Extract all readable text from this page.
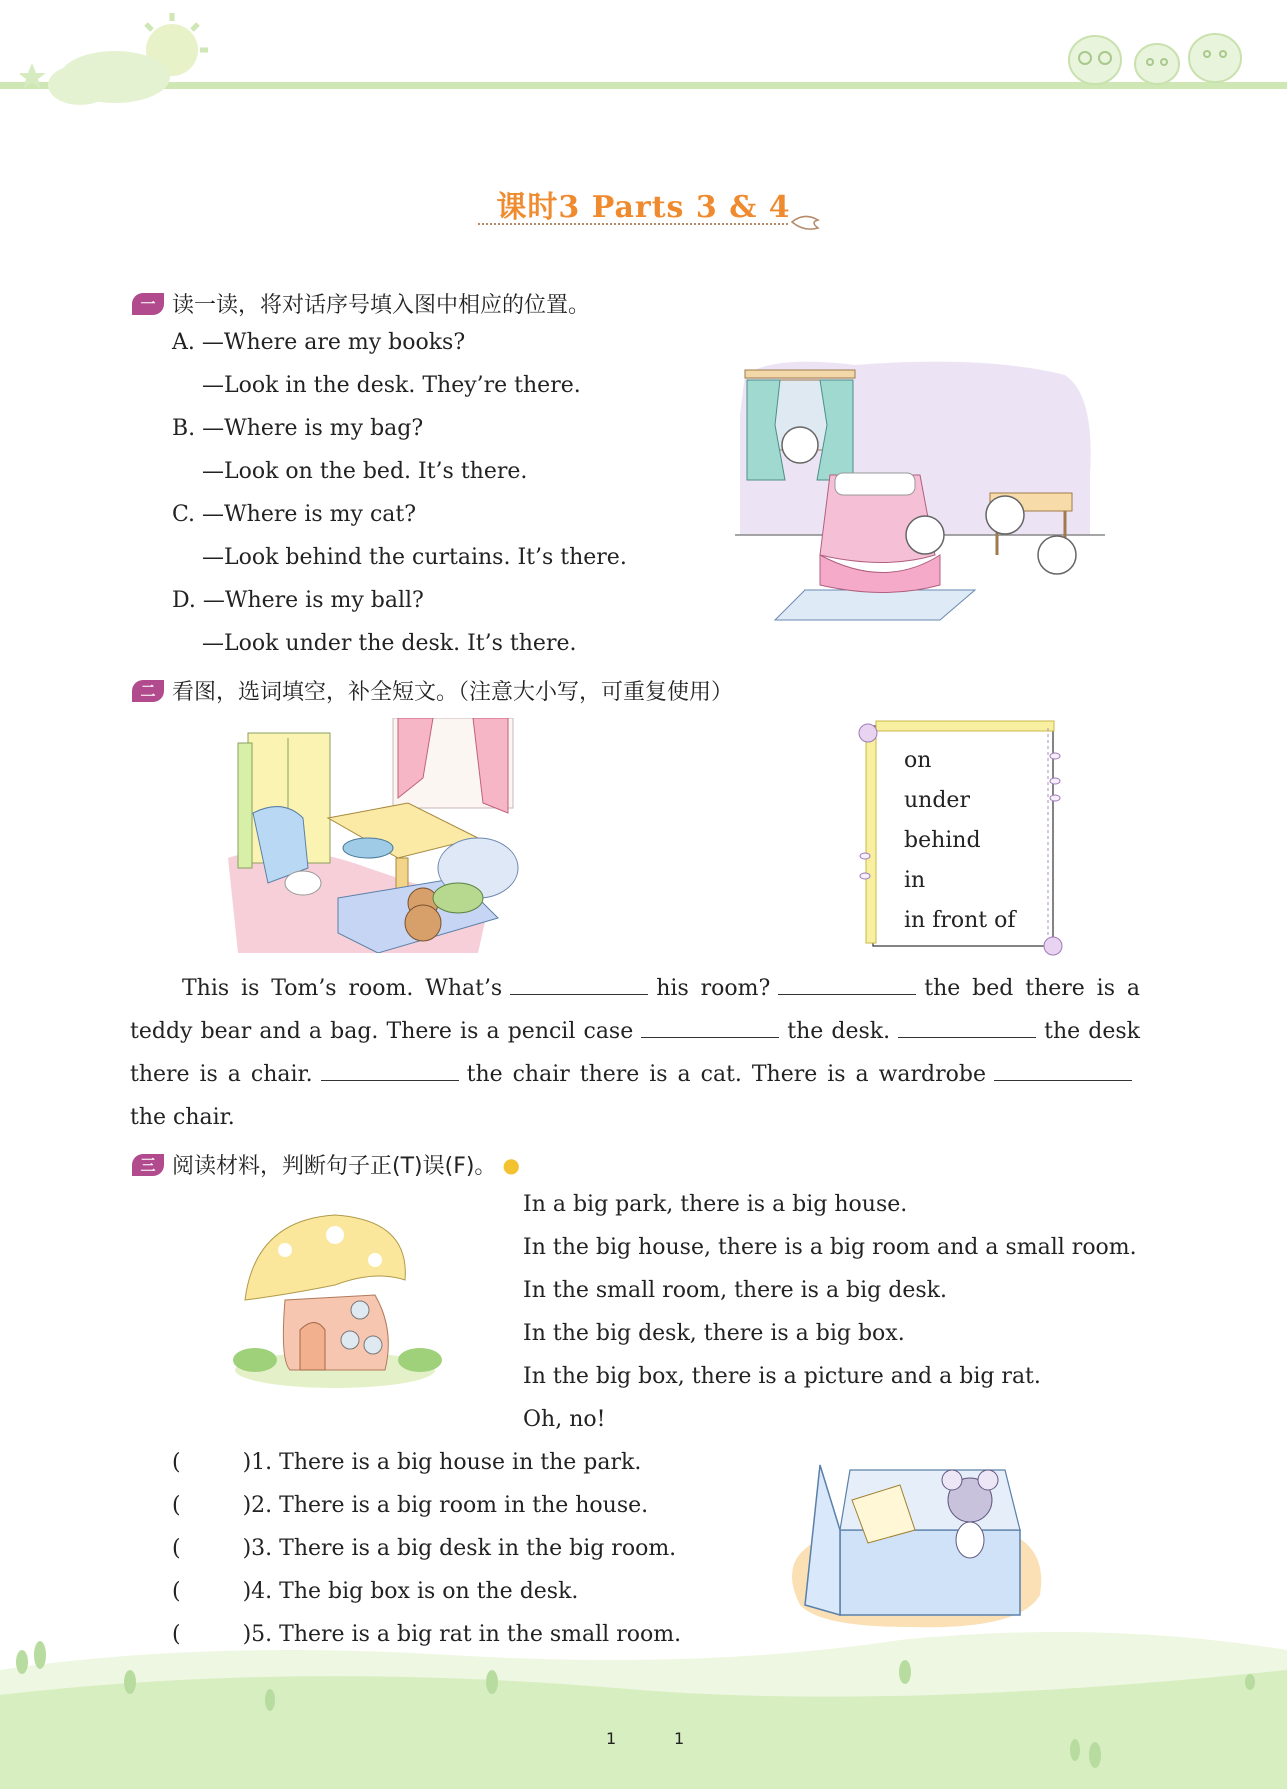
课时3 Parts 3 & 4
一 读一读，将对话序号填入图中相应的位置。
A. —Where are my books?
—Look in the desk. They’re there.
B. —Where is my bag?
—Look on the bed. It’s there.
C. —Where is my cat?
—Look behind the curtains. It’s there.
D. —Where is my ball?
—Look under the desk. It’s there.
二 看图，选词填空，补全短文。（注意大小写，可重复使用）
on
under
behind
in
in front of
This is Tom’s room. What’s	his room?	the bed there is a teddy bear and a bag. There is a pencil case	the desk.	the desk there is a chair.	the chair there is a cat. There is a wardrobethe chair.
三 阅读材料，判断句子正(T)误(F)。 ●
In a big park, there is a big house.
In the big house, there is a big room and a small room.
In the small room, there is a big desk.
In the big desk, there is a big box.
In the big box, there is a picture and a big rat.
Oh, no!
(	)1. There is a big house in the park.
(	)2. There is a big room in the house.
(	)3. There is a big desk in the big room.
(	)4. The big box is on the desk.
(	)5. There is a big rat in the small room.
1	1
